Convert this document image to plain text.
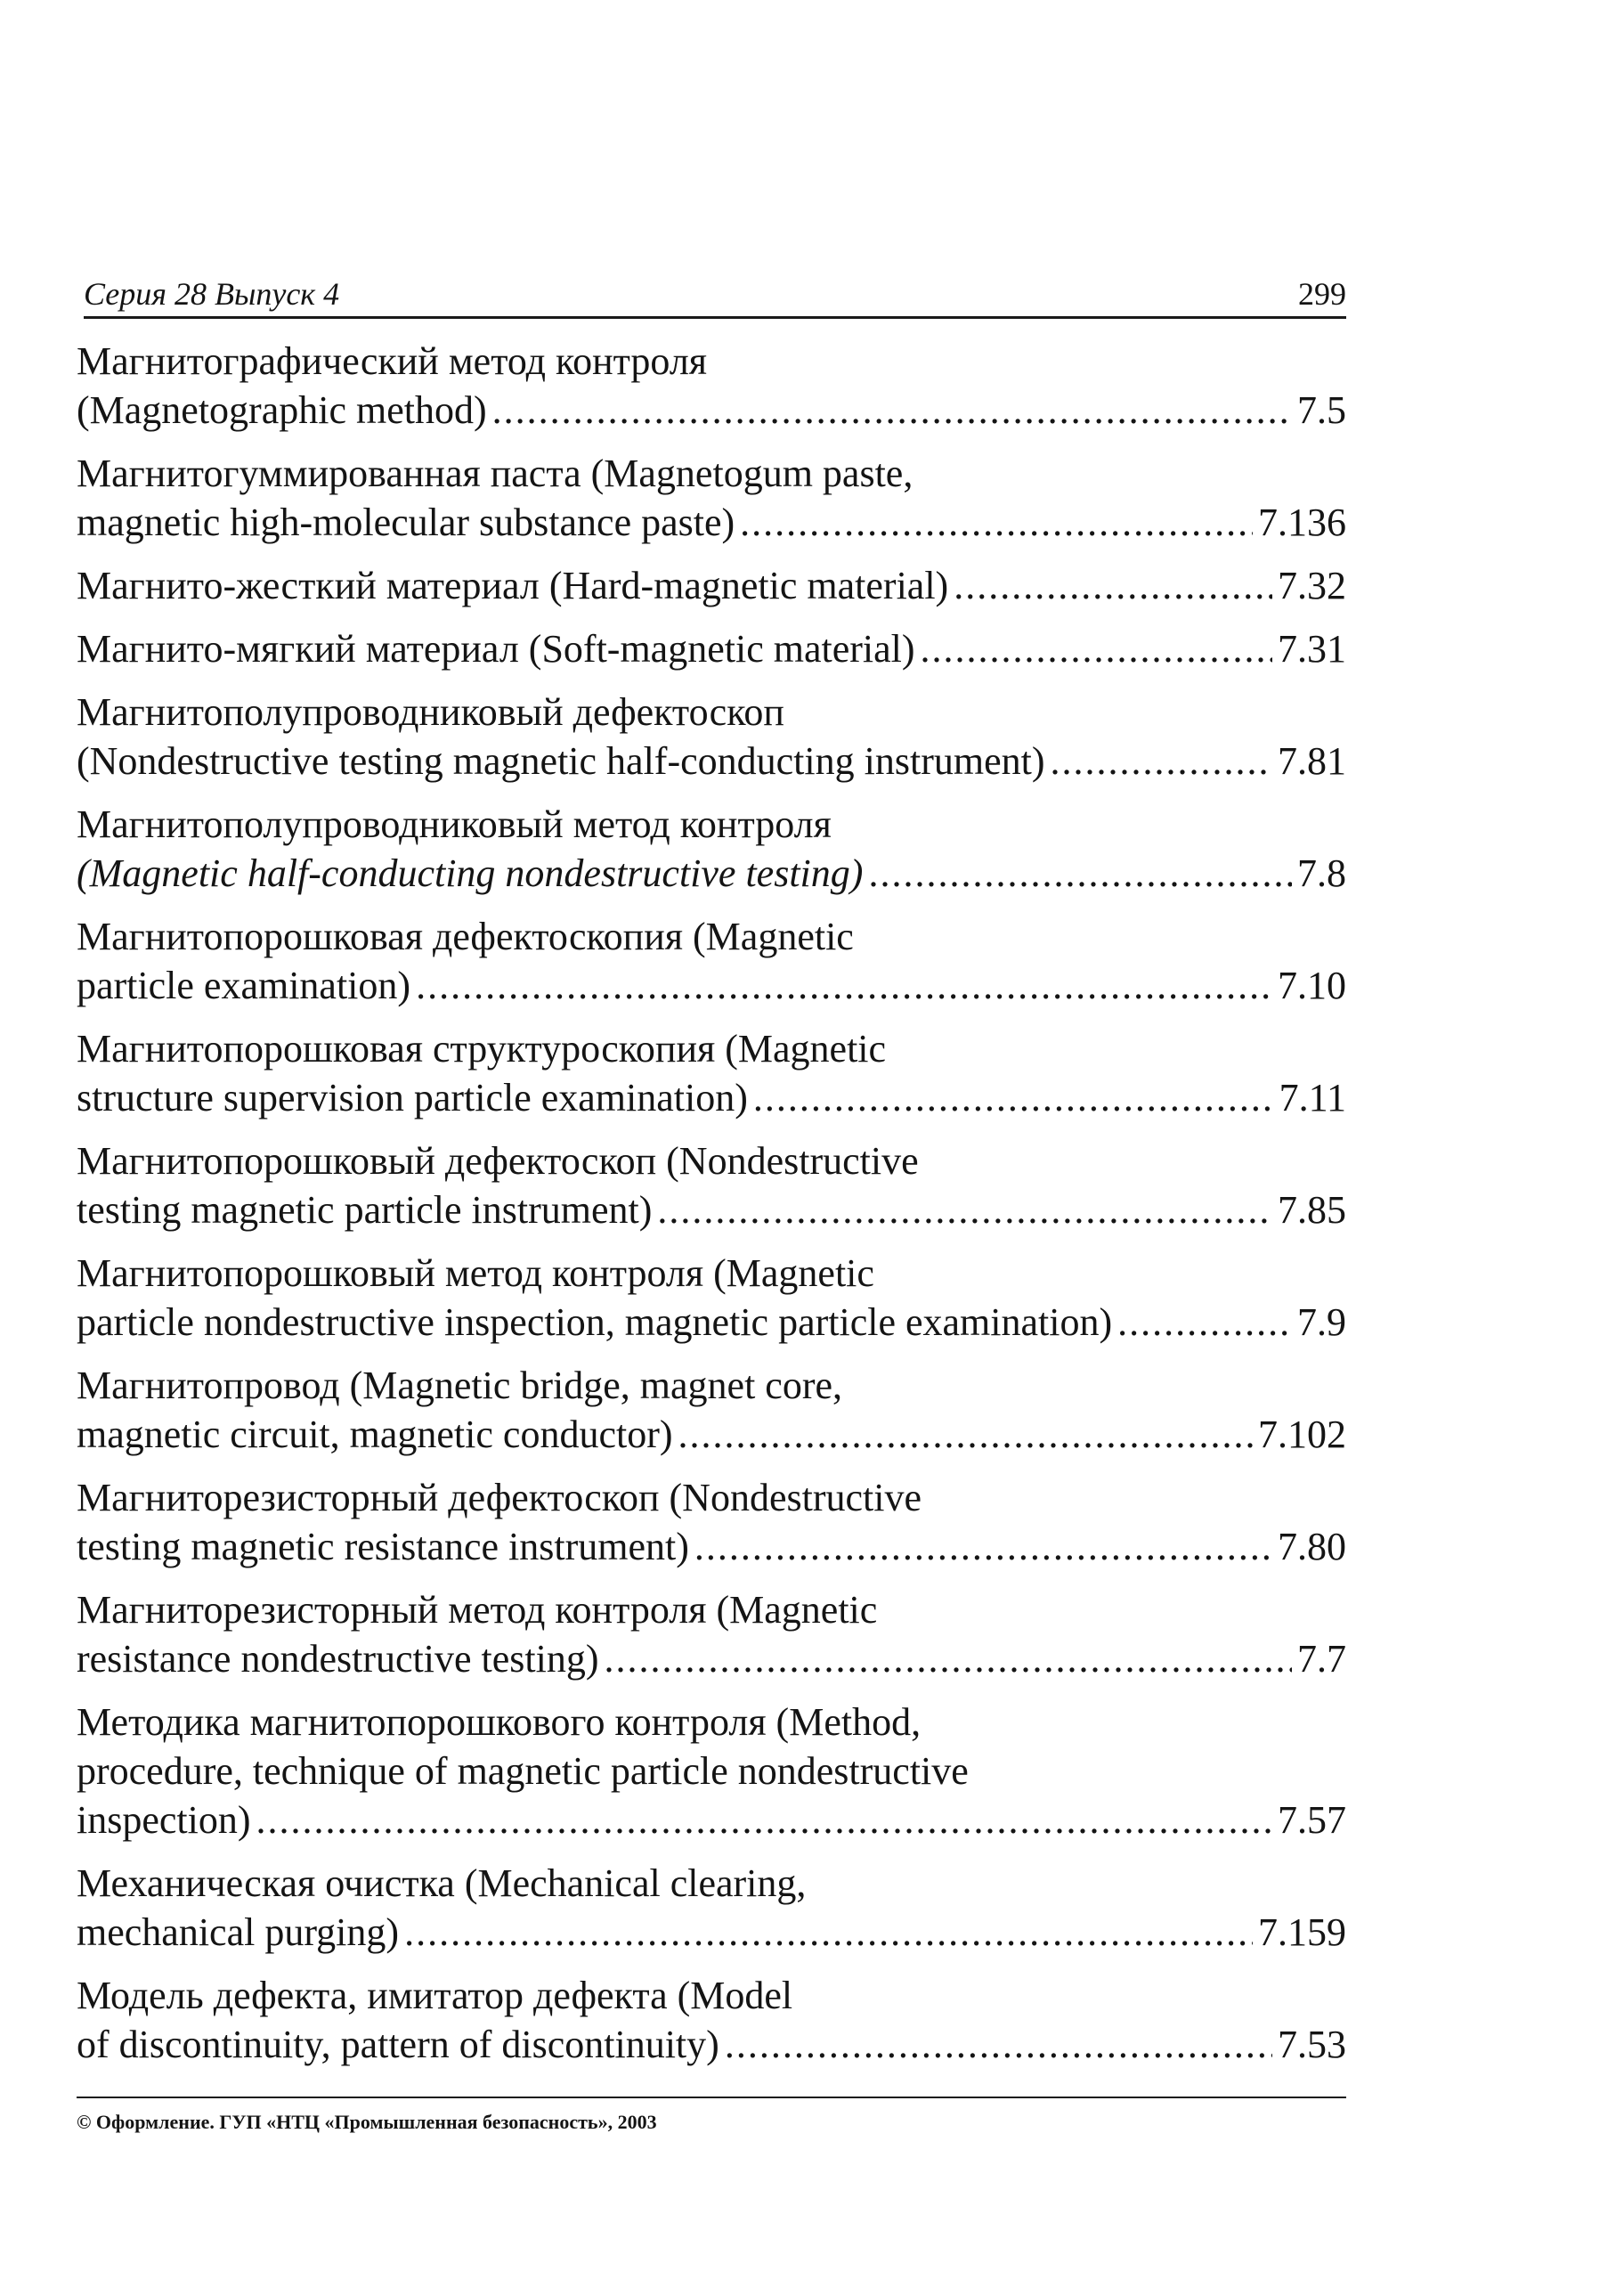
Серия 28 Выпуск 4	299
Магнитографический метод контроля
(Magnetographic method) .....	7.5
Магнитогуммированная паста (Magnetogum paste,
magnetic high-molecular substance paste) .....	7.136
Магнито-жесткий материал (Hard-magnetic material) .....	7.32
Магнито-мягкий материал (Soft-magnetic material) .....	7.31
Магнитополупроводниковый дефектоскоп
(Nondestructive testing magnetic half-conducting instrument) .....	7.81
Магнитополупроводниковый метод контроля
(Magnetic half-conducting nondestructive testing) .....	7.8
Магнитопорошковая дефектоскопия (Magnetic
particle examination) .....	7.10
Магнитопорошковая структуроскопия (Magnetic
structure supervision particle examination) .....	7.11
Магнитопорошковый дефектоскоп (Nondestructive
testing magnetic particle instrument) .....	7.85
Магнитопорошковый метод контроля (Magnetic
particle nondestructive inspection, magnetic particle examination) .....	7.9
Магнитопровод (Magnetic bridge, magnet core,
magnetic circuit, magnetic conductor) .....	7.102
Магниторезисторный дефектоскоп (Nondestructive
testing magnetic resistance instrument) .....	7.80
Магниторезисторный метод контроля (Magnetic
resistance nondestructive testing) .....	7.7
Методика магнитопорошкового контроля (Method,
procedure, technique of magnetic particle nondestructive
inspection) .....	7.57
Механическая очистка (Mechanical clearing,
mechanical purging) .....	7.159
Модель дефекта, имитатор дефекта (Model
of discontinuity, pattern of discontinuity) .....	7.53
© Оформление. ГУП «НТЦ «Промышленная безопасность», 2003
